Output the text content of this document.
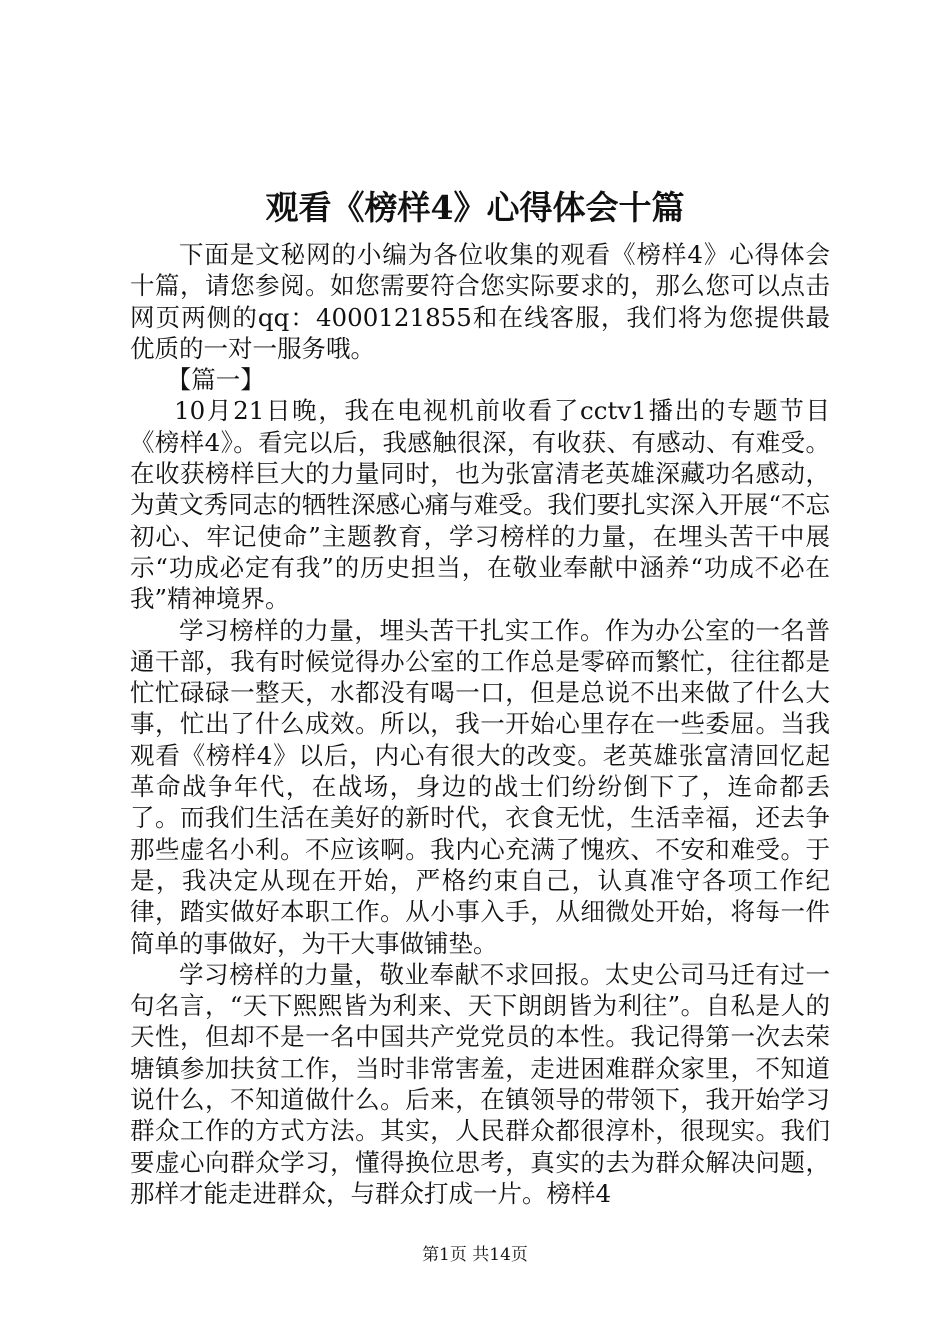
观看《榜样4》心得体会十篇

下面是文秘网的小编为各位收集的观看《榜样4》心得体会十篇，请您参阅。如您需要符合您实际要求的，那么您可以点击网页两侧的qq：4000121855和在线客服，我们将为您提供最优质的一对一服务哦。

【篇一】

10月21日晚，我在电视机前收看了cctv1播出的专题节目《榜样4》。看完以后，我感触很深，有收获、有感动、有难受。在收获榜样巨大的力量同时，也为张富清老英雄深藏功名感动，为黄文秀同志的牺牲深感心痛与难受。我们要扎实深入开展“不忘初心、牢记使命”主题教育，学习榜样的力量，在埋头苦干中展示“功成必定有我”的历史担当，在敬业奉献中涵养“功成不必在我”精神境界。

学习榜样的力量，埋头苦干扎实工作。作为办公室的一名普通干部，我有时候觉得办公室的工作总是零碎而繁忙，往往都是忙忙碌碌一整天，水都没有喝一口，但是总说不出来做了什么大事，忙出了什么成效。所以，我一开始心里存在一些委屈。当我观看《榜样4》以后，内心有很大的改变。老英雄张富清回忆起革命战争年代，在战场，身边的战士们纷纷倒下了，连命都丢了。而我们生活在美好的新时代，衣食无忧，生活幸福，还去争那些虚名小利。不应该啊。我内心充满了愧疚、不安和难受。于是，我决定从现在开始，严格约束自己，认真准守各项工作纪律，踏实做好本职工作。从小事入手，从细微处开始，将每一件简单的事做好，为干大事做铺垫。

学习榜样的力量，敬业奉献不求回报。太史公司马迁有过一句名言，“天下熙熙皆为利来、天下朗朗皆为利往”。自私是人的天性，但却不是一名中国共产党党员的本性。我记得第一次去荣塘镇参加扶贫工作，当时非常害羞，走进困难群众家里，不知道说什么，不知道做什么。后来，在镇领导的带领下，我开始学习群众工作的方式方法。其实，人民群众都很淳朴，很现实。我们要虚心向群众学习，懂得换位思考，真实的去为群众解决问题，那样才能走进群众，与群众打成一片。榜样4

第1页 共14页
